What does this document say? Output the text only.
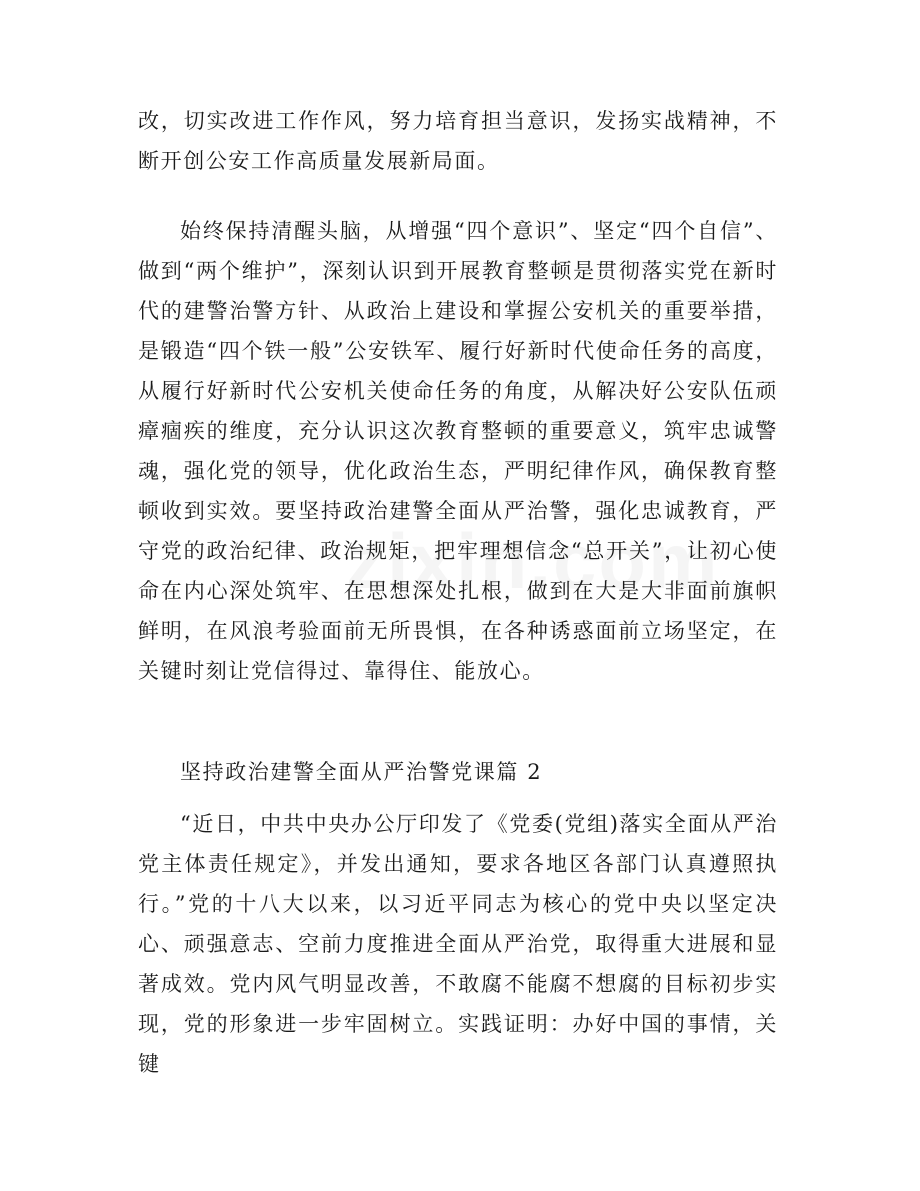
改，切实改进工作作风，努力培育担当意识，发扬实战精神，不断开创公安工作高质量发展新局面。

始终保持清醒头脑，从增强“四个意识”、坚定“四个自信”、做到“两个维护”，深刻认识到开展教育整顿是贯彻落实党在新时代的建警治警方针、从政治上建设和掌握公安机关的重要举措，是锻造“四个铁一般”公安铁军、履行好新时代使命任务的高度，从履行好新时代公安机关使命任务的角度，从解决好公安队伍顽瘴痼疾的维度，充分认识这次教育整顿的重要意义，筑牢忠诚警魂，强化党的领导，优化政治生态，严明纪律作风，确保教育整顿收到实效。要坚持政治建警全面从严治警，强化忠诚教育，严守党的政治纪律、政治规矩，把牢理想信念“总开关”，让初心使命在内心深处筑牢、在思想深处扎根，做到在大是大非面前旗帜鲜明，在风浪考验面前无所畏惧，在各种诱惑面前立场坚定，在关键时刻让党信得过、靠得住、能放心。

坚持政治建警全面从严治警党课篇 2

“近日，中共中央办公厅印发了《党委(党组)落实全面从严治党主体责任规定》，并发出通知，要求各地区各部门认真遵照执行。”党的十八大以来，以习近平同志为核心的党中央以坚定决心、顽强意志、空前力度推进全面从严治党，取得重大进展和显著成效。党内风气明显改善，不敢腐不能腐不想腐的目标初步实现，党的形象进一步牢固树立。实践证明：办好中国的事情，关键
